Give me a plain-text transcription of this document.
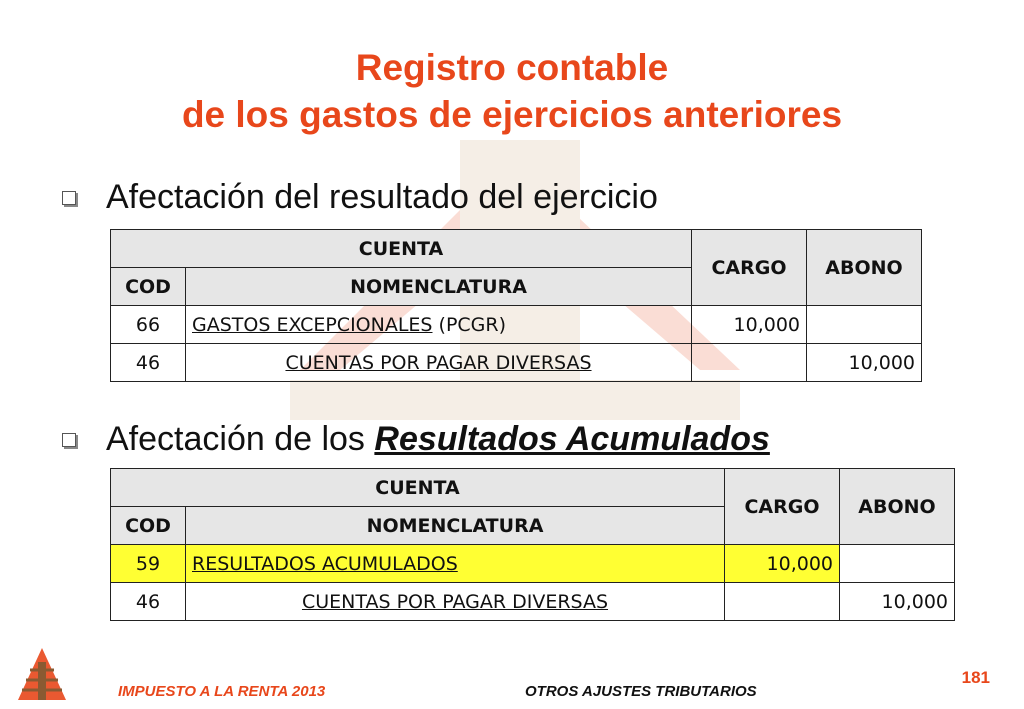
Registro contable
de los gastos de ejercicios anteriores
Afectación del resultado del ejercicio
CUENTA		CARGO	ABONO
COD	NOMENCLATURA		
66	GASTOS EXCEPCIONALES (PCGR)	10,000	
46	CUENTAS POR PAGAR DIVERSAS		10,000
Afectación de los Resultados Acumulados
CUENTA		CARGO	ABONO
COD	NOMENCLATURA		
59	RESULTADOS ACUMULADOS	10,000	
46	CUENTAS POR PAGAR DIVERSAS		10,000
IMPUESTO A LA RENTA 2013	OTROS AJUSTES TRIBUTARIOS
181
